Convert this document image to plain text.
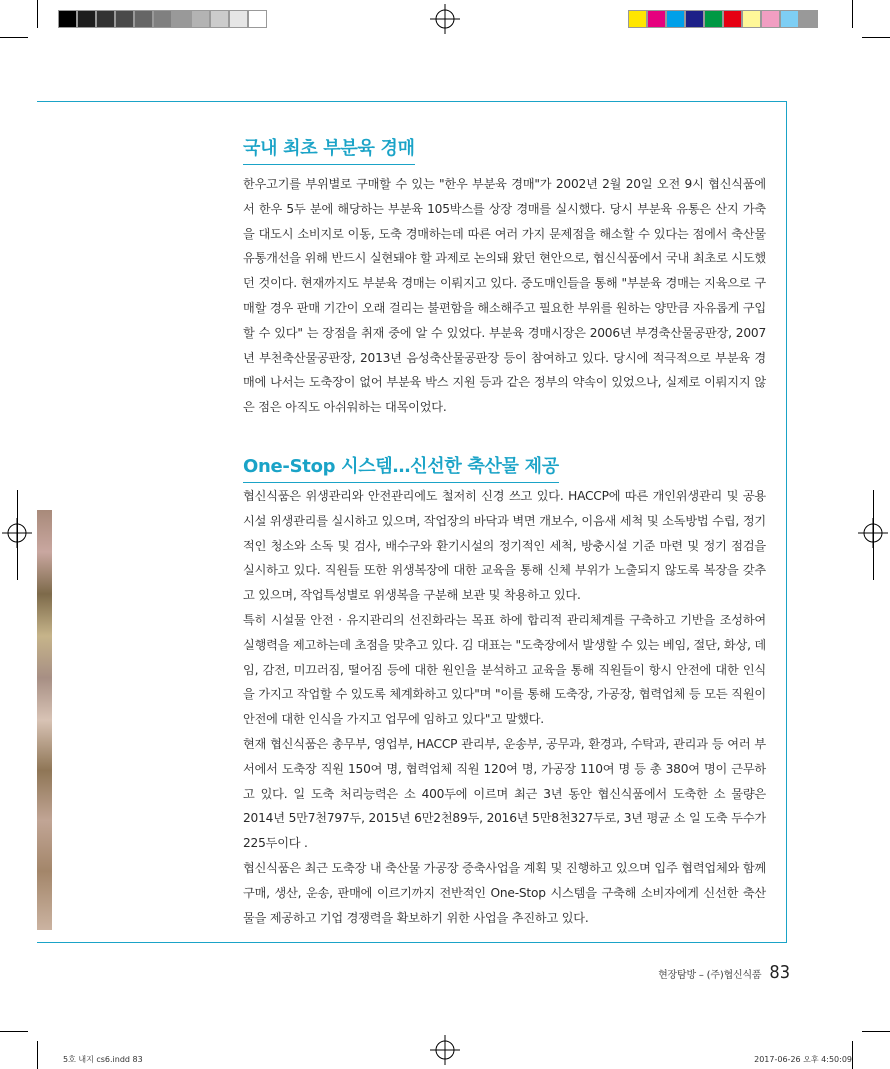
국내 최초 부분육 경매

한우고기를 부위별로 구매할 수 있는 "한우 부분육 경매"가 2002년 2월 20일 오전 9시 협신식품에서 한우 5두 분에 해당하는 부분육 105박스를 상장 경매를 실시했다. 당시 부분육 유통은 산지 가축을 대도시 소비지로 이동, 도축 경매하는데 따른 여러 가지 문제점을 해소할 수 있다는 점에서 축산물 유통개선을 위해 반드시 실현돼야 할 과제로 논의돼 왔던 현안으로, 협신식품에서 국내 최초로 시도했던 것이다. 현재까지도 부분육 경매는 이뤄지고 있다. 중도매인들을 통해 "부분육 경매는 지육으로 구매할 경우 판매 기간이 오래 걸리는 불편함을 해소해주고 필요한 부위를 원하는 양만큼 자유롭게 구입할 수 있다" 는 장점을 취재 중에 알 수 있었다. 부분육 경매시장은 2006년 부경축산물공판장, 2007년 부천축산물공판장, 2013년 음성축산물공판장 등이 참여하고 있다. 당시에 적극적으로 부분육 경매에 나서는 도축장이 없어 부분육 박스 지원 등과 같은 정부의 약속이 있었으나, 실제로 이뤄지지 않은 점은 아직도 아쉬워하는 대목이었다.

One-Stop 시스템…신선한 축산물 제공

협신식품은 위생관리와 안전관리에도 철저히 신경 쓰고 있다. HACCP에 따른 개인위생관리 및 공용시설 위생관리를 실시하고 있으며, 작업장의 바닥과 벽면 개보수, 이음새 세척 및 소독방법 수립, 정기적인 청소와 소독 및 검사, 배수구와 환기시설의 정기적인 세척, 방충시설 기준 마련 및 정기 점검을 실시하고 있다. 직원들 또한 위생복장에 대한 교육을 통해 신체 부위가 노출되지 않도록 복장을 갖추고 있으며, 작업특성별로 위생복을 구분해 보관 및 착용하고 있다.

특히 시설물 안전 · 유지관리의 선진화라는 목표 하에 합리적 관리체계를 구축하고 기반을 조성하여 실행력을 제고하는데 초점을 맞추고 있다. 김 대표는 "도축장에서 발생할 수 있는 베임, 절단, 화상, 데임, 감전, 미끄러짐, 떨어짐 등에 대한 원인을 분석하고 교육을 통해 직원들이 항시 안전에 대한 인식을 가지고 작업할 수 있도록 체계화하고 있다"며 "이를 통해 도축장, 가공장, 협력업체 등 모든 직원이 안전에 대한 인식을 가지고 업무에 임하고 있다"고 말했다.

현재 협신식품은 총무부, 영업부, HACCP 관리부, 운송부, 공무과, 환경과, 수탁과, 관리과 등 여러 부서에서 도축장 직원 150여 명, 협력업체 직원 120여 명, 가공장 110여 명 등 총 380여 명이 근무하고 있다. 일 도축 처리능력은 소 400두에 이르며 최근 3년 동안 협신식품에서 도축한 소 물량은 2014년 5만7천797두, 2015년 6만2천89두, 2016년 5만8천327두로, 3년 평균 소 일 도축 두수가 225두이다 .

협신식품은 최근 도축장 내 축산물 가공장 증축사업을 계획 및 진행하고 있으며 입주 협력업체와 함께 구매, 생산, 운송, 판매에 이르기까지 전반적인 One-Stop 시스템을 구축해 소비자에게 신선한 축산물을 제공하고 기업 경쟁력을 확보하기 위한 사업을 추진하고 있다.

현장탐방 – (주)협신식품 83
5호 내지 cs6.indd 83	2017-06-26 오후 4:50:09
